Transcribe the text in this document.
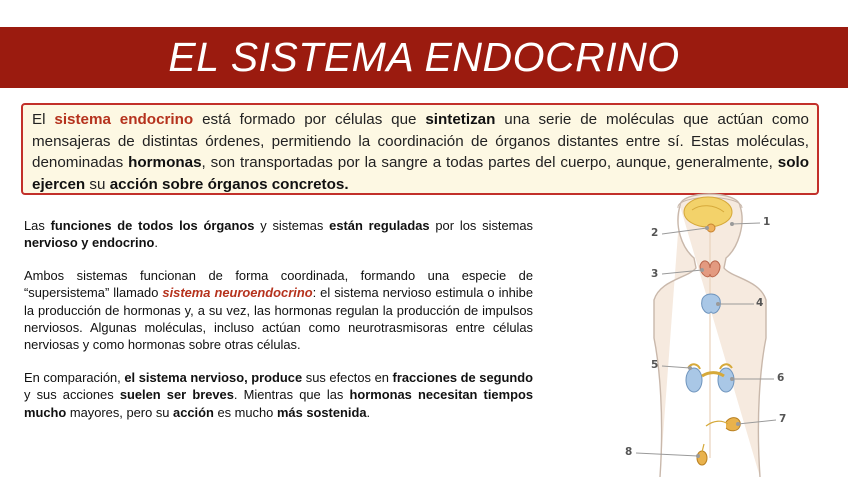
EL SISTEMA ENDOCRINO
El sistema endocrino está formado por células que sintetizan una serie de moléculas que actúan como mensajeras de distintas órdenes, permitiendo la coordinación de órganos distantes entre sí. Estas moléculas, denominadas hormonas, son transportadas por la sangre a todas partes del cuerpo, aunque, generalmente, solo ejercen su acción sobre órganos concretos.

Las funciones de todos los órganos y sistemas están reguladas por los sistemas nervioso y endocrino.

Ambos sistemas funcionan de forma coordinada, formando una especie de “supersistema” llamado sistema neuroendocrino: el sistema nervioso estimula o inhibe la producción de hormonas y, a su vez, las hormonas regulan la producción de impulsos nerviosos. Algunas moléculas, incluso actúan como neurotrasmisoras entre células nerviosas y como hormonas sobre otras células.

En comparación, el sistema nervioso, produce sus efectos en fracciones de segundo y sus acciones suelen ser breves. Mientras que las hormonas necesitan tiempos mucho mayores, pero su acción es mucho más sostenida.

1
2
3
4
5
6
7
8
